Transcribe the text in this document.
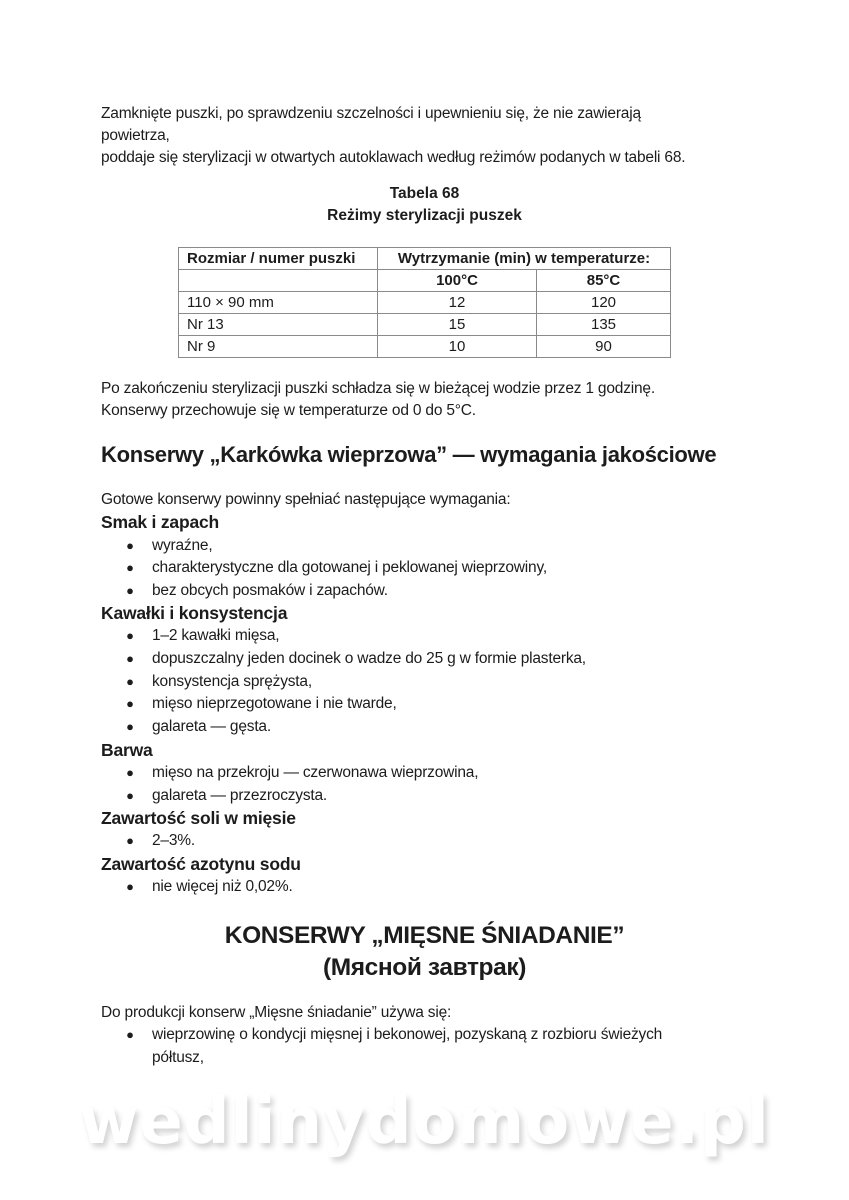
Zamknięte puszki, po sprawdzeniu szczelności i upewnieniu się, że nie zawierają
powietrza,
poddaje się sterylizacji w otwartych autoklawach według reżimów podanych w tabeli 68.
Tabela 68
Reżimy sterylizacji puszek
Rozmiar / numer puszki	Wytrzymanie (min) w temperaturze:	
	100°C	85°C
110 × 90 mm	12	120
Nr 13	15	135
Nr 9	10	90
Po zakończeniu sterylizacji puszki schładza się w bieżącej wodzie przez 1 godzinę.
Konserwy przechowuje się w temperaturze od 0 do 5°C.
Konserwy „Karkówka wieprzowa” — wymagania jakościowe
Gotowe konserwy powinny spełniać następujące wymagania:
Smak i zapach
● wyraźne,
● charakterystyczne dla gotowanej i peklowanej wieprzowiny,
● bez obcych posmaków i zapachów.
Kawałki i konsystencja
● 1–2 kawałki mięsa,
● dopuszczalny jeden docinek o wadze do 25 g w formie plasterka,
● konsystencja sprężysta,
● mięso nieprzegotowane i nie twarde,
● galareta — gęsta.
Barwa
● mięso na przekroju — czerwonawa wieprzowina,
● galareta — przezroczysta.
Zawartość soli w mięsie
● 2–3%.
Zawartość azotynu sodu
● nie więcej niż 0,02%.
KONSERWY „MIĘSNE ŚNIADANIE”
(Мясной завтрак)
Do produkcji konserw „Mięsne śniadanie” używa się:
● wieprzowinę o kondycji mięsnej i bekonowej, pozyskaną z rozbioru świeżych
półtusz,
wedlinydomowe.pl
